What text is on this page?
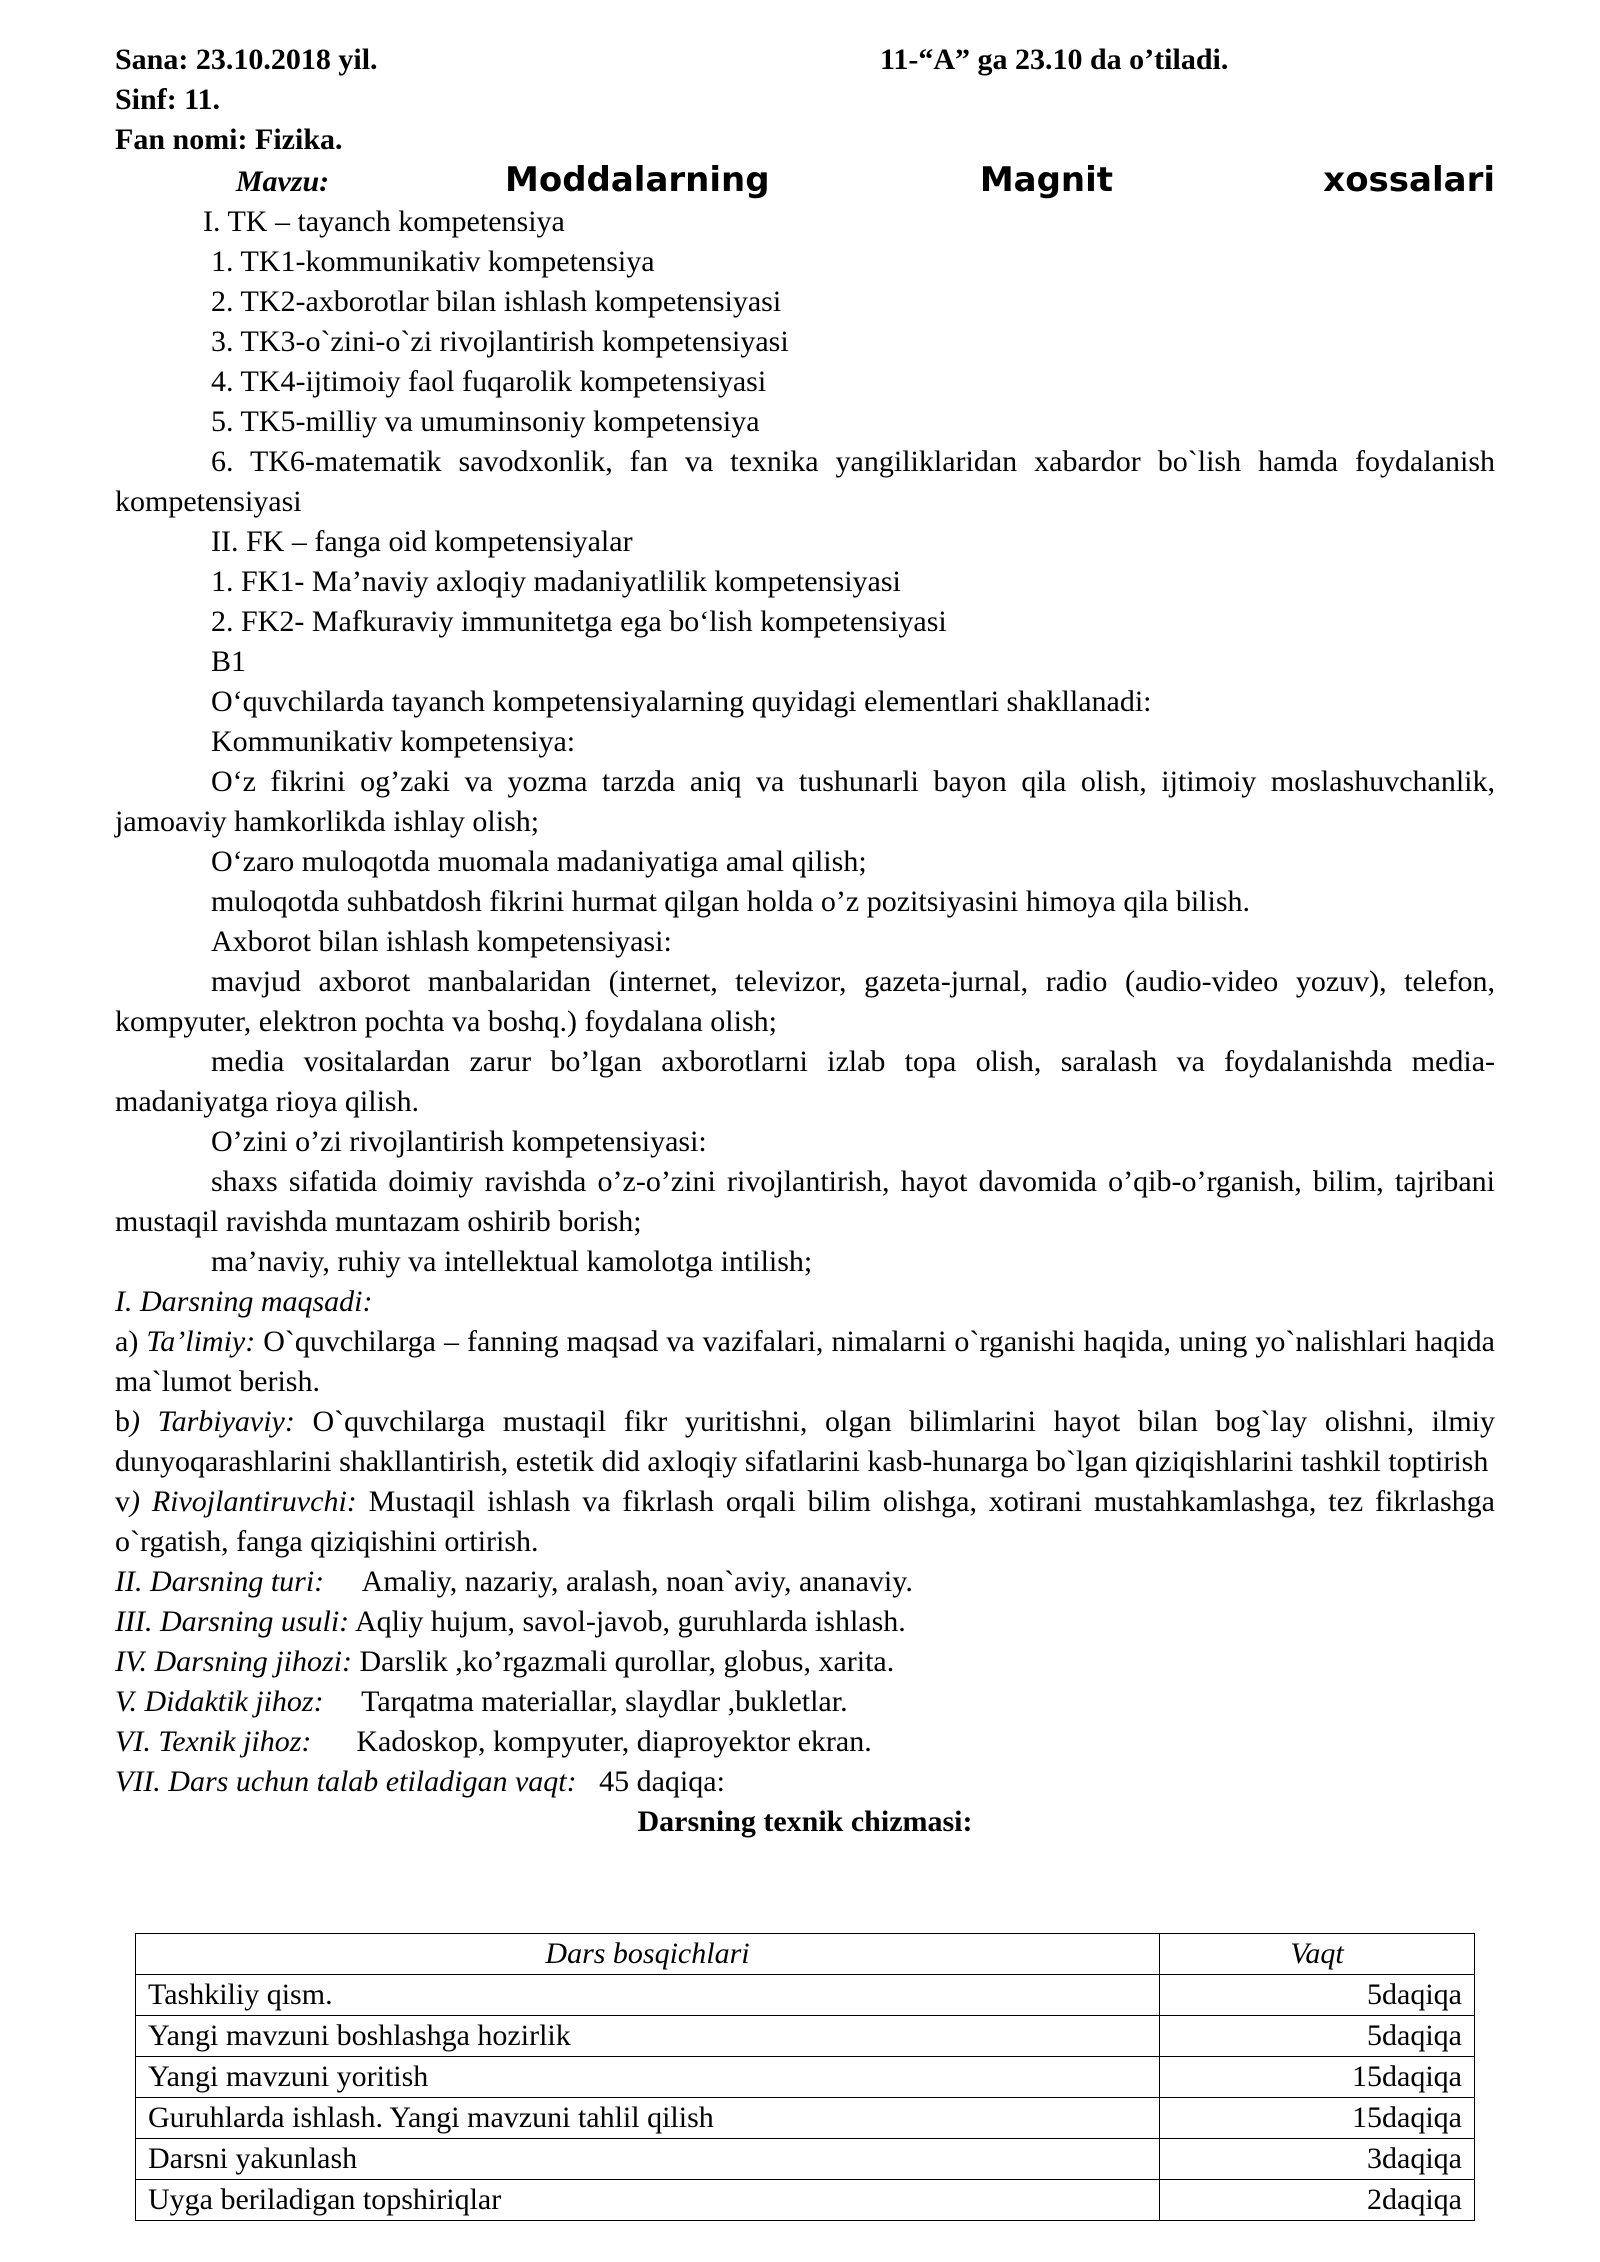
Sana: 23.10.2018 yil.	11-“A” ga 23.10 da o’tiladi.
Sinf: 11.
Fan nomi: Fizika.
Mavzu:	Moddalarning	Magnit	xossalari
I. TK – tayanch kompetensiya
1. TK1-kommunikativ kompetensiya
2. TK2-axborotlar bilan ishlash kompetensiyasi
3. TK3-o`zini-o`zi rivojlantirish kompetensiyasi
4. TK4-ijtimoiy faol fuqarolik kompetensiyasi
5. TK5-milliy va umuminsoniy kompetensiya
6. TK6-matematik savodxonlik, fan va texnika yangiliklaridan xabardor bo`lish hamda foydalanish kompetensiyasi
II. FK – fanga oid kompetensiyalar
1. FK1- Ma’naviy axloqiy madaniyatlilik kompetensiyasi
2. FK2- Mafkuraviy immunitetga ega bo‘lish kompetensiyasi
B1
O‘quvchilarda tayanch kompetensiyalarning quyidagi elementlari shakllanadi:
Kommunikativ kompetensiya:
O‘z fikrini og’zaki va yozma tarzda aniq va tushunarli bayon qila olish, ijtimoiy moslashuvchanlik, jamoaviy hamkorlikda ishlay olish;
O‘zaro muloqotda muomala madaniyatiga amal qilish;
muloqotda suhbatdosh fikrini hurmat qilgan holda o’z pozitsiyasini himoya qila bilish.
Axborot bilan ishlash kompetensiyasi:
mavjud axborot manbalaridan (internet, televizor, gazeta-jurnal, radio (audio-video yozuv), telefon, kompyuter, elektron pochta va boshq.) foydalana olish;
media vositalardan zarur bo’lgan axborotlarni izlab topa olish, saralash va foydalanishda media-madaniyatga rioya qilish.
O’zini o’zi rivojlantirish kompetensiyasi:
shaxs sifatida doimiy ravishda o’z-o’zini rivojlantirish, hayot davomida o’qib-o’rganish, bilim, tajribani mustaqil ravishda muntazam oshirib borish;
ma’naviy, ruhiy va intellektual kamolotga intilish;
I. Darsning maqsadi:
a) Ta’limiy: O`quvchilarga – fanning maqsad va vazifalari, nimalarni o`rganishi haqida, uning yo`nalishlari haqida ma`lumot berish.
b) Tarbiyaviy: O`quvchilarga mustaqil fikr yuritishni, olgan bilimlarini hayot bilan bog`lay olishni, ilmiy dunyoqarashlarini shakllantirish, estetik did axloqiy sifatlarini kasb-hunarga bo`lgan qiziqishlarini tashkil toptirish
v) Rivojlantiruvchi: Mustaqil ishlash va fikrlash orqali bilim olishga, xotirani mustahkamlashga, tez fikrlashga o`rgatish, fanga qiziqishini ortirish.
II. Darsning turi: Amaliy, nazariy, aralash, noan`aviy, ananaviy.
III. Darsning usuli: Aqliy hujum, savol-javob, guruhlarda ishlash.
IV. Darsning jihozi: Darslik ,ko’rgazmali qurollar, globus, xarita.
V. Didaktik jihoz: Tarqatma materiallar, slaydlar ,bukletlar.
VI. Texnik jihoz: Kadoskop, kompyuter, diaproyektor ekran.
VII. Dars uchun talab etiladigan vaqt: 45 daqiqa:
Darsning texnik chizmasi:
Dars bosqichlari	Vaqt
Tashkiliy qism.	5daqiqa
Yangi mavzuni boshlashga hozirlik	5daqiqa
Yangi mavzuni yoritish	15daqiqa
Guruhlarda ishlash. Yangi mavzuni tahlil qilish	15daqiqa
Darsni yakunlash	3daqiqa
Uyga beriladigan topshiriqlar	2daqiqa
